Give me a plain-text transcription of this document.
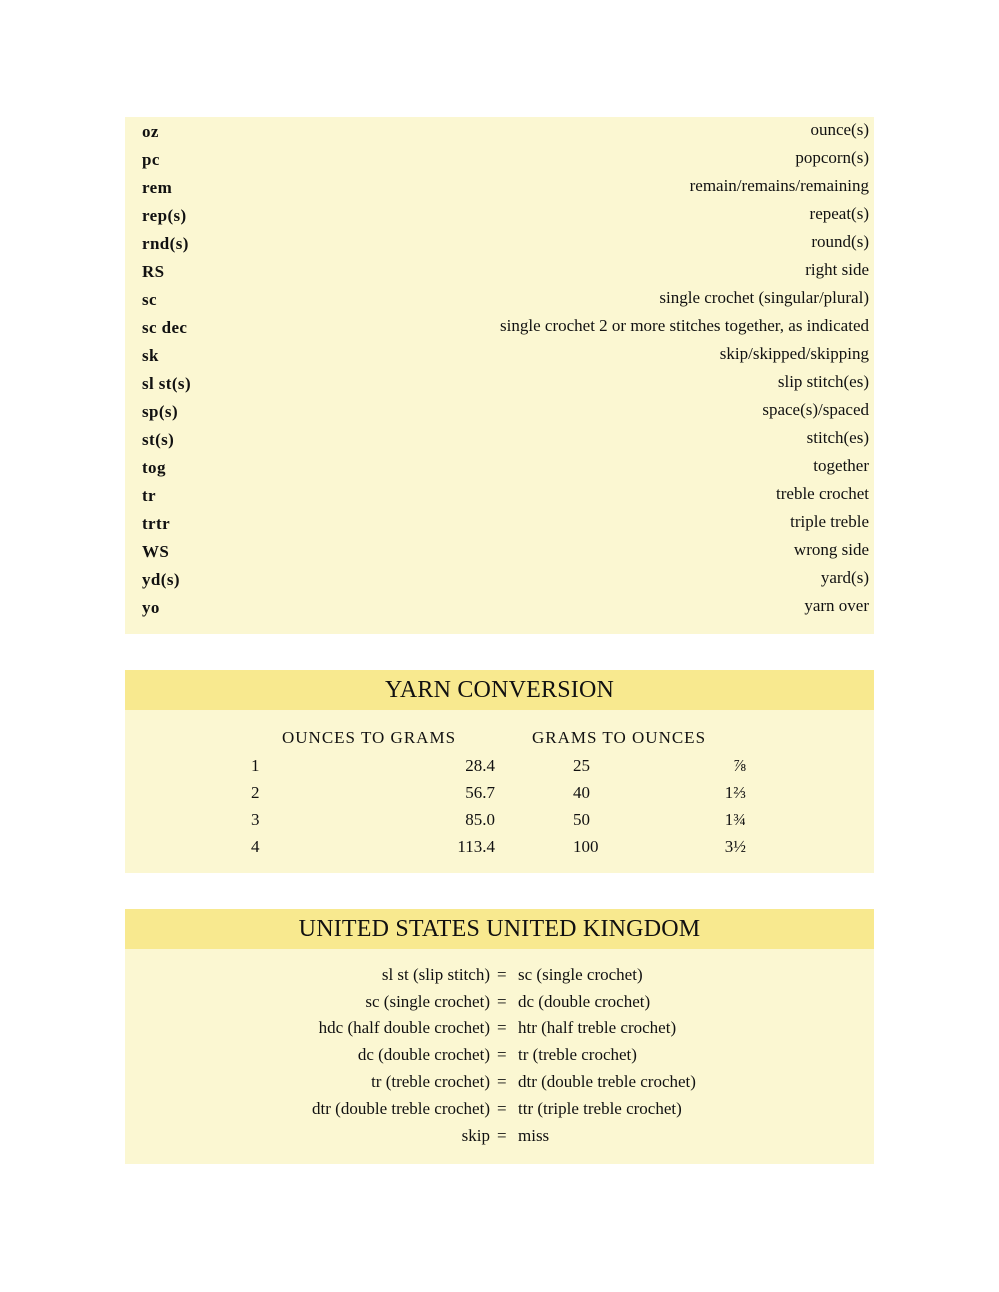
oz	ounce(s)
pc	popcorn(s)
rem	remain/remains/remaining
rep(s)	repeat(s)
rnd(s)	round(s)
RS	right side
sc	single crochet (singular/plural)
sc dec	single crochet 2 or more stitches together, as indicated
sk	skip/skipped/skipping
sl st(s)	slip stitch(es)
sp(s)	space(s)/spaced
st(s)	stitch(es)
tog	together
tr	treble crochet
trtr	triple treble
WS	wrong side
yd(s)	yard(s)
yo	yarn over
YARN CONVERSION
OUNCES TO GRAMS	GRAMS TO OUNCES
1	28.4	25	⅞
2	56.7	40	1⅔
3	85.0	50	1¾
4	113.4	100	3½
UNITED STATES UNITED KINGDOM
sl st (slip stitch) = sc (single crochet)
sc (single crochet) = dc (double crochet)
hdc (half double crochet) = htr (half treble crochet)
dc (double crochet) = tr (treble crochet)
tr (treble crochet) = dtr (double treble crochet)
dtr (double treble crochet) = ttr (triple treble crochet)
skip = miss
